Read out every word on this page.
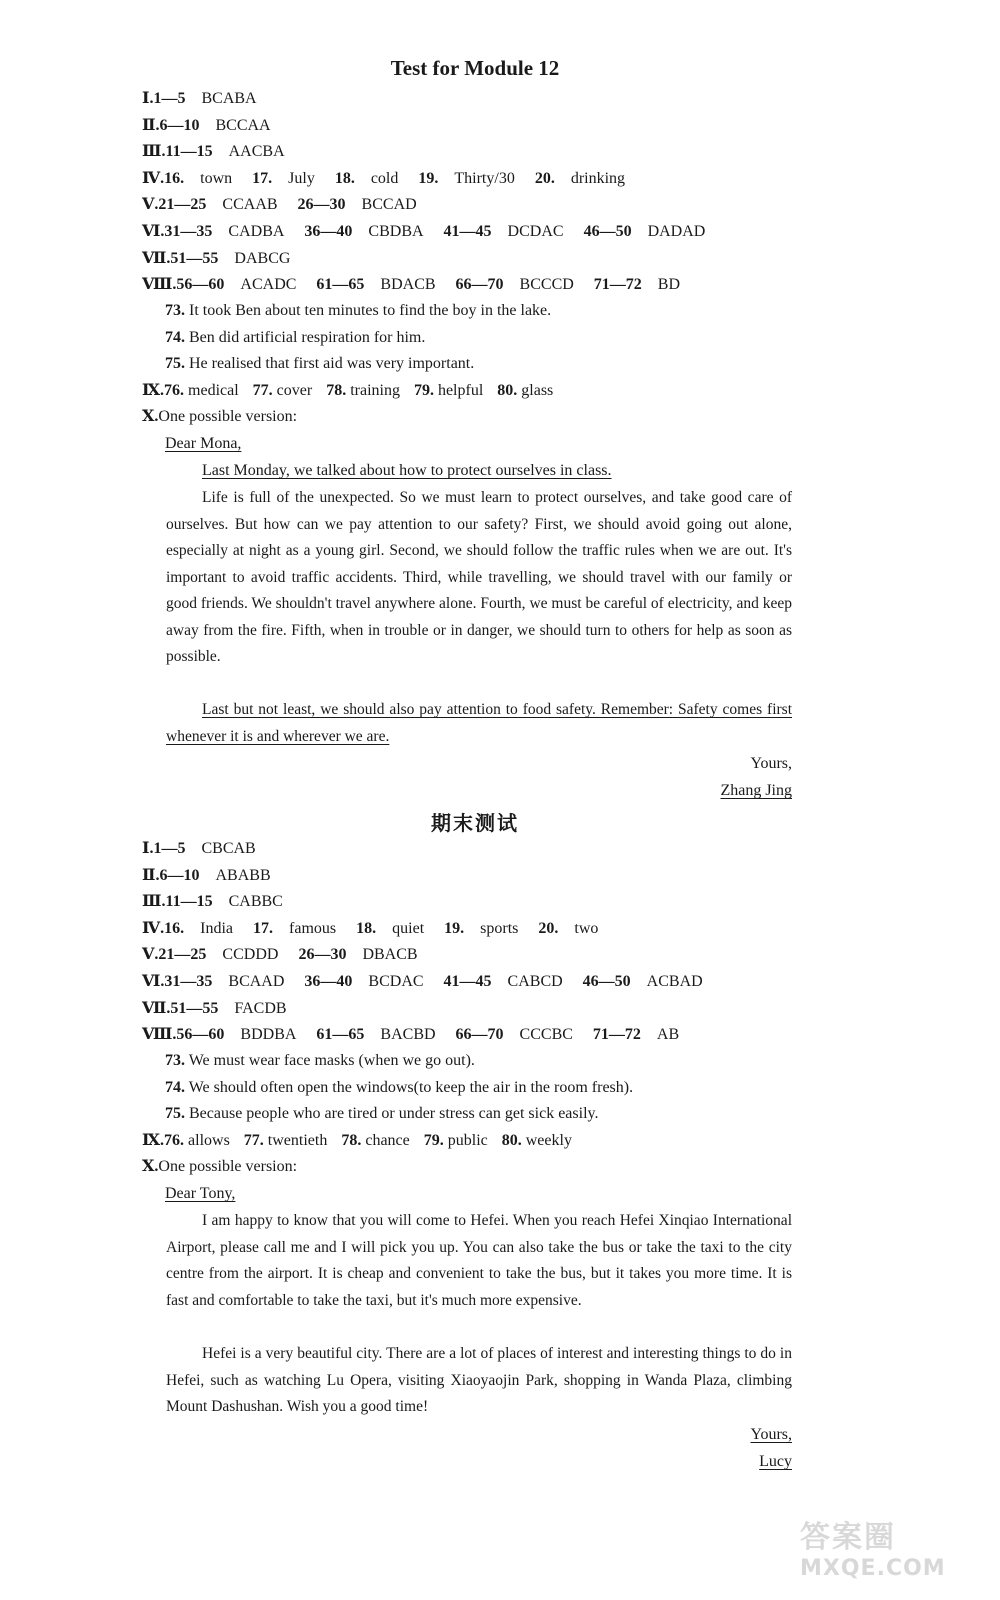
Test for Module 12
Ⅰ.1—5 BCABA
Ⅱ.6—10 BCCAA
Ⅲ.11—15 AACBA
Ⅳ.16. town 17. July 18. cold 19. Thirty/30 20. drinking
Ⅴ.21—25 CCAAB 26—30 BCCAD
Ⅵ.31—35 CADBA 36—40 CBDBA 41—45 DCDAC 46—50 DADAD
Ⅶ.51—55 DABCG
Ⅷ.56—60 ACADC 61—65 BDACB 66—70 BCCCD 71—72 BD
73. It took Ben about ten minutes to find the boy in the lake.
74. Ben did artificial respiration for him.
75. He realised that first aid was very important.
Ⅸ.76. medical 77. cover 78. training 79. helpful 80. glass
Ⅹ.One possible version:
Dear Mona,
Last Monday, we talked about how to protect ourselves in class.
Life is full of the unexpected. So we must learn to protect ourselves, and take good care of ourselves. But how can we pay attention to our safety? First, we should avoid going out alone, especially at night as a young girl. Second, we should follow the traffic rules when we are out. It's important to avoid traffic accidents. Third, while travelling, we should travel with our family or good friends. We shouldn't travel anywhere alone. Fourth, we must be careful of electricity, and keep away from the fire. Fifth, when in trouble or in danger, we should turn to others for help as soon as possible.
Last but not least, we should also pay attention to food safety. Remember: Safety comes first whenever it is and wherever we are.
Yours,
Zhang Jing
期末测试
Ⅰ.1—5 CBCAB
Ⅱ.6—10 ABABB
Ⅲ.11—15 CABBC
Ⅳ.16. India 17. famous 18. quiet 19. sports 20. two
Ⅴ.21—25 CCDDD 26—30 DBACB
Ⅵ.31—35 BCAAD 36—40 BCDAC 41—45 CABCD 46—50 ACBAD
Ⅶ.51—55 FACDB
Ⅷ.56—60 BDDBA 61—65 BACBD 66—70 CCCBC 71—72 AB
73. We must wear face masks (when we go out).
74. We should often open the windows(to keep the air in the room fresh).
75. Because people who are tired or under stress can get sick easily.
Ⅸ.76. allows 77. twentieth 78. chance 79. public 80. weekly
Ⅹ.One possible version:
Dear Tony,
I am happy to know that you will come to Hefei. When you reach Hefei Xinqiao International Airport, please call me and I will pick you up. You can also take the bus or take the taxi to the city centre from the airport. It is cheap and convenient to take the bus, but it takes you more time. It is fast and comfortable to take the taxi, but it's much more expensive.
Hefei is a very beautiful city. There are a lot of places of interest and interesting things to do in Hefei, such as watching Lu Opera, visiting Xiaoyaojin Park, shopping in Wanda Plaza, climbing Mount Dashushan. Wish you a good time!
Yours,
Lucy
答案圈
MXQE.COM
